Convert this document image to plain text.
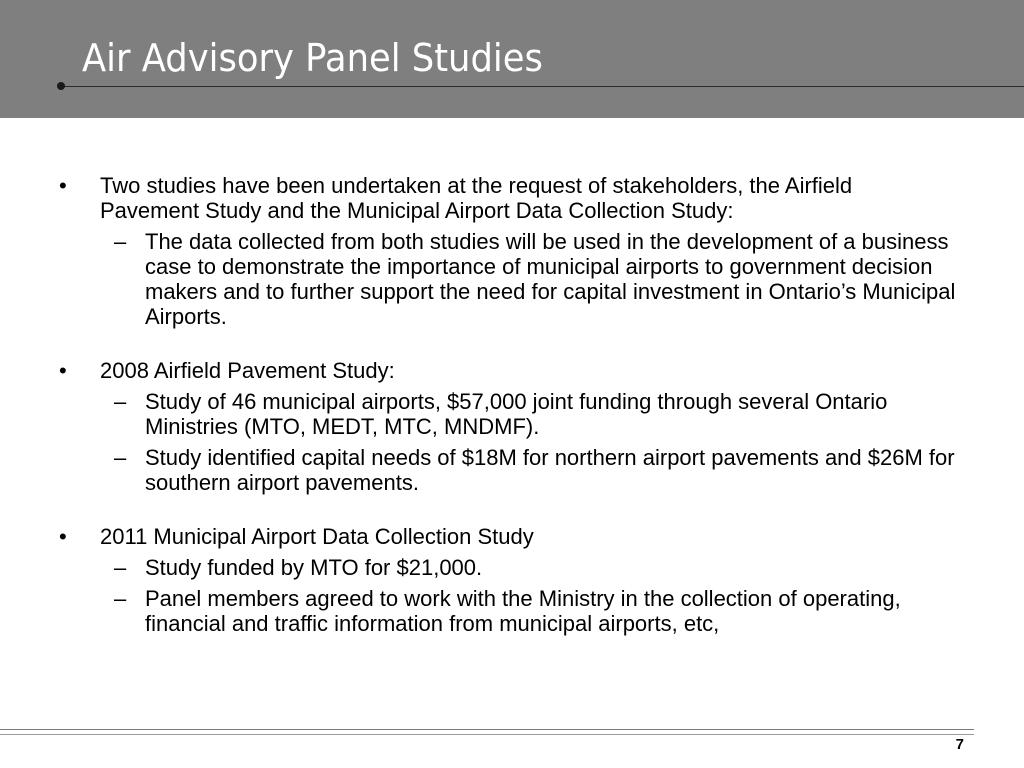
Air Advisory Panel Studies
• Two studies have been undertaken at the request of stakeholders, the Airfield Pavement Study and the Municipal Airport Data Collection Study:
– The data collected from both studies will be used in the development of a business case to demonstrate the importance of municipal airports to government decision makers and to further support the need for capital investment in Ontario’s Municipal Airports.
• 2008 Airfield Pavement Study:
– Study of 46 municipal airports, $57,000 joint funding through several Ontario Ministries (MTO, MEDT, MTC, MNDMF).
– Study identified capital needs of $18M for northern airport pavements and $26M for southern airport pavements.
• 2011 Municipal Airport Data Collection Study
– Study funded by MTO for $21,000.
– Panel members agreed to work with the Ministry in the collection of operating, financial and traffic information from municipal airports, etc,
7
